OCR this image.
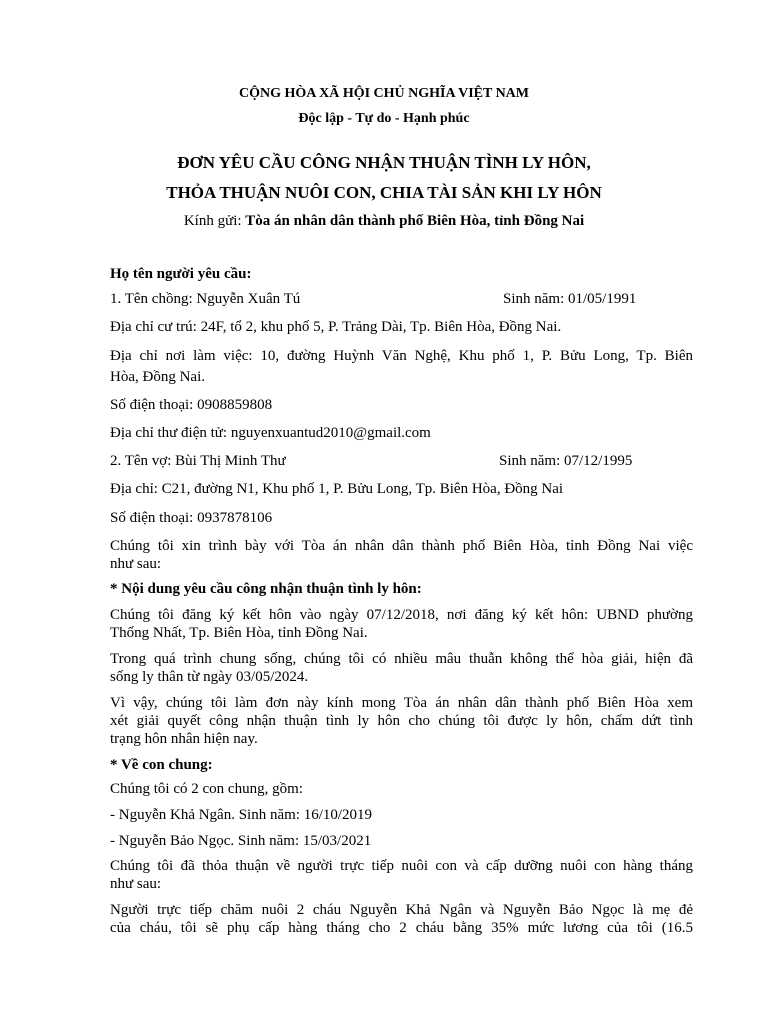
CỘNG HÒA XÃ HỘI CHỦ NGHĨA VIỆT NAM
Độc lập - Tự do - Hạnh phúc
ĐƠN YÊU CẦU CÔNG NHẬN THUẬN TÌNH LY HÔN,
THỎA THUẬN NUÔI CON, CHIA TÀI SẢN KHI LY HÔN
Kính gửi: Tòa án nhân dân thành phố Biên Hòa, tỉnh Đồng Nai
Họ tên người yêu cầu:
1. Tên chồng: Nguyễn Xuân Tú	Sinh năm: 01/05/1991
Địa chỉ cư trú: 24F, tổ 2, khu phố 5, P. Trảng Dài, Tp. Biên Hòa, Đồng Nai.
Địa chỉ nơi làm việc: 10, đường Huỳnh Văn Nghệ, Khu phố 1, P. Bửu Long, Tp. Biên
Hòa, Đồng Nai.
Số điện thoại: 0908859808
Địa chỉ thư điện tử: nguyenxuantud2010@gmail.com
2. Tên vợ: Bùi Thị Minh Thư	Sinh năm: 07/12/1995
Địa chỉ: C21, đường N1, Khu phố 1, P. Bửu Long, Tp. Biên Hòa, Đồng Nai
Số điện thoại: 0937878106
Chúng tôi xin trình bày với Tòa án nhân dân thành phố Biên Hòa, tỉnh Đồng Nai việc
như sau:
* Nội dung yêu cầu công nhận thuận tình ly hôn:
Chúng tôi đăng ký kết hôn vào ngày 07/12/2018, nơi đăng ký kết hôn: UBND phường
Thống Nhất, Tp. Biên Hòa, tỉnh Đồng Nai.
Trong quá trình chung sống, chúng tôi có nhiều mâu thuẫn không thể hòa giải, hiện đã
sống ly thân từ ngày 03/05/2024.
Vì vậy, chúng tôi làm đơn này kính mong Tòa án nhân dân thành phố Biên Hòa xem
xét giải quyết công nhận thuận tình ly hôn cho chúng tôi được ly hôn, chấm dứt tình
trạng hôn nhân hiện nay.
* Về con chung:
Chúng tôi có 2 con chung, gồm:
- Nguyễn Khả Ngân. Sinh năm: 16/10/2019
- Nguyễn Bảo Ngọc. Sinh năm: 15/03/2021
Chúng tôi đã thỏa thuận về người trực tiếp nuôi con và cấp dưỡng nuôi con hàng tháng
như sau:
Người trực tiếp chăm nuôi 2 cháu Nguyễn Khả Ngân và Nguyễn Bảo Ngọc là mẹ đẻ
của cháu, tôi sẽ phụ cấp hàng tháng cho 2 cháu bằng 35% mức lương của tôi (16.5
